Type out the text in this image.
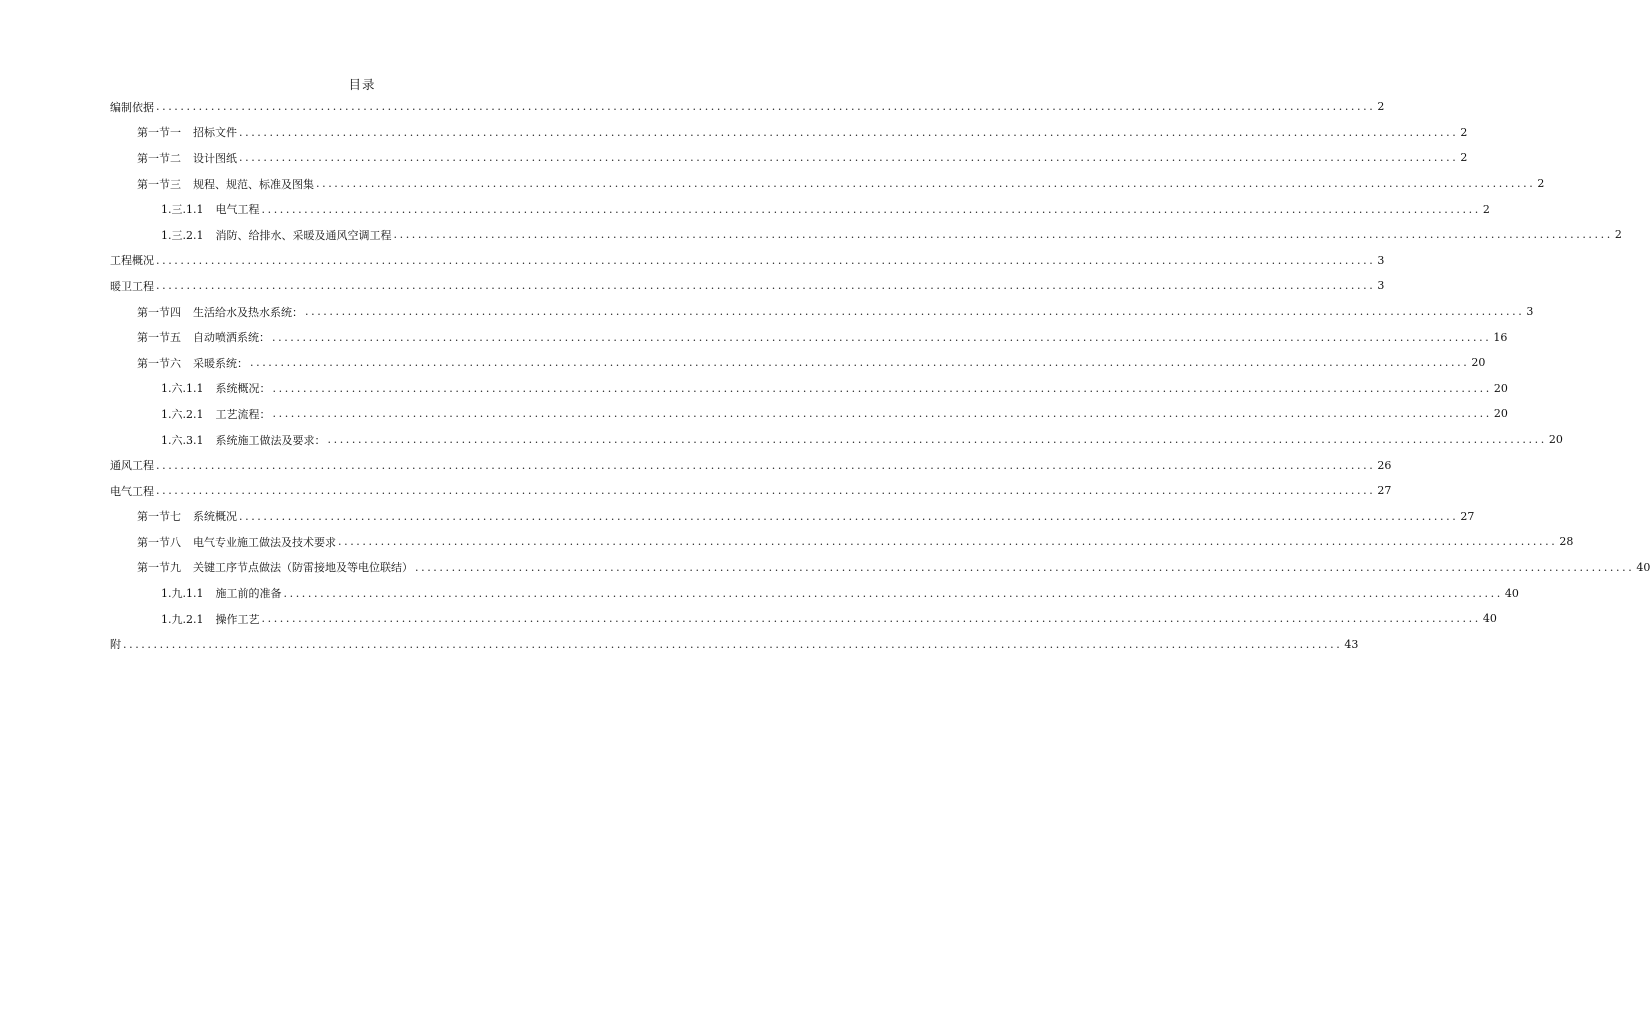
目录
编制依据 ........................................................................................................................................................................................................ 2
第一节一 招标文件 ........................................................................................................................................................................................................ 2
第一节二 设计图纸 ........................................................................................................................................................................................................ 2
第一节三 规程、规范、标准及图集 ........................................................................................................................................................................................................ 2
1.三.1.1 电气工程 ........................................................................................................................................................................................................ 2
1.三.2.1 消防、给排水、采暖及通风空调工程 ........................................................................................................................................................................................................ 2
工程概况 ........................................................................................................................................................................................................ 3
暖卫工程 ........................................................................................................................................................................................................ 3
第一节四 生活给水及热水系统： ........................................................................................................................................................................................................ 3
第一节五 自动喷洒系统： ........................................................................................................................................................................................................ 16
第一节六 采暖系统： ........................................................................................................................................................................................................ 20
1.六.1.1 系统概况： ........................................................................................................................................................................................................ 20
1.六.2.1 工艺流程： ........................................................................................................................................................................................................ 20
1.六.3.1 系统施工做法及要求： ........................................................................................................................................................................................................ 20
通风工程 ........................................................................................................................................................................................................ 26
电气工程 ........................................................................................................................................................................................................ 27
第一节七 系统概况 ........................................................................................................................................................................................................ 27
第一节八 电气专业施工做法及技术要求 ........................................................................................................................................................................................................ 28
第一节九 关键工序节点做法（防雷接地及等电位联结） ........................................................................................................................................................................................................ 40
1.九.1.1 施工前的准备 ........................................................................................................................................................................................................ 40
1.九.2.1 操作工艺 ........................................................................................................................................................................................................ 40
附 ........................................................................................................................................................................................................ 43
